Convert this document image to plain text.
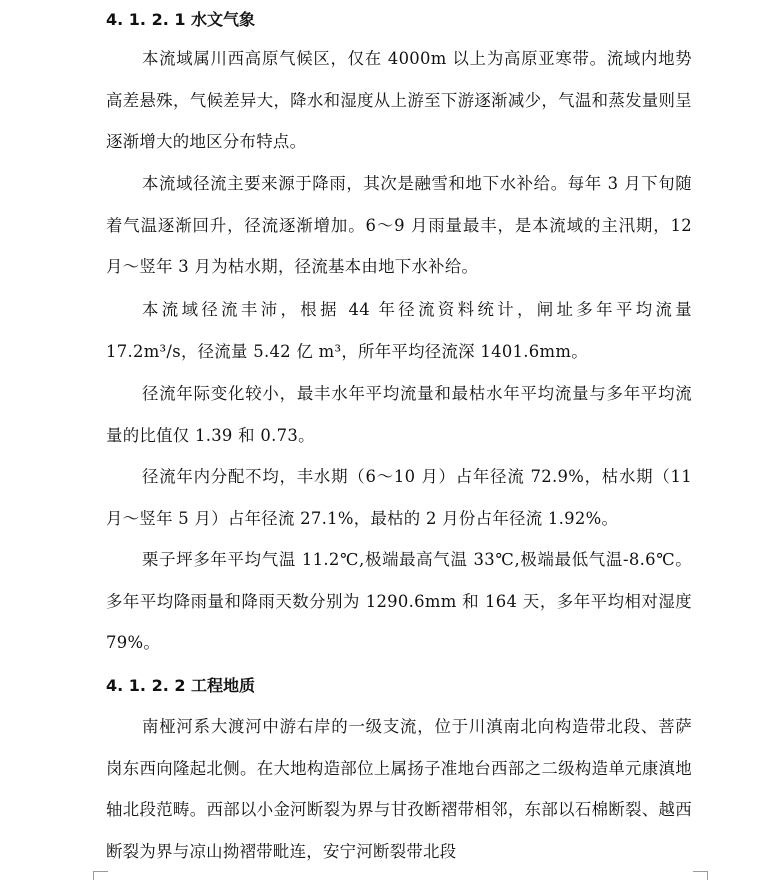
4. 1. 2. 1 水文气象

本流域属川西高原气候区，仅在 4000m 以上为高原亚寒带。流域内地势高差悬殊，气候差异大，降水和湿度从上游至下游逐渐减少，气温和蒸发量则呈逐渐增大的地区分布特点。

本流域径流主要来源于降雨，其次是融雪和地下水补给。每年 3 月下旬随着气温逐渐回升，径流逐渐增加。6～9 月雨量最丰，是本流域的主汛期，12 月～竖年 3 月为枯水期，径流基本由地下水补给。

本流域径流丰沛，根据 44 年径流资料统计，闸址多年平均流量 17.2m³/s，径流量 5.42 亿 m³，所年平均径流深 1401.6mm。

径流年际变化较小，最丰水年平均流量和最枯水年平均流量与多年平均流量的比值仅 1.39 和 0.73。

径流年内分配不均，丰水期（6～10 月）占年径流 72.9%，枯水期（11 月～竖年 5 月）占年径流 27.1%，最枯的 2 月份占年径流 1.92%。

栗子坪多年平均气温 11.2℃,极端最高气温 33℃,极端最低气温-8.6℃。多年平均降雨量和降雨天数分别为 1290.6mm 和 164 天，多年平均相对湿度 79%。

4. 1. 2. 2 工程地质

南桠河系大渡河中游右岸的一级支流，位于川滇南北向构造带北段、菩萨岗东西向隆起北侧。在大地构造部位上属扬子准地台西部之二级构造单元康滇地轴北段范畴。西部以小金河断裂为界与甘孜断褶带相邻，东部以石棉断裂、越西断裂为界与凉山拗褶带毗连，安宁河断裂带北段
